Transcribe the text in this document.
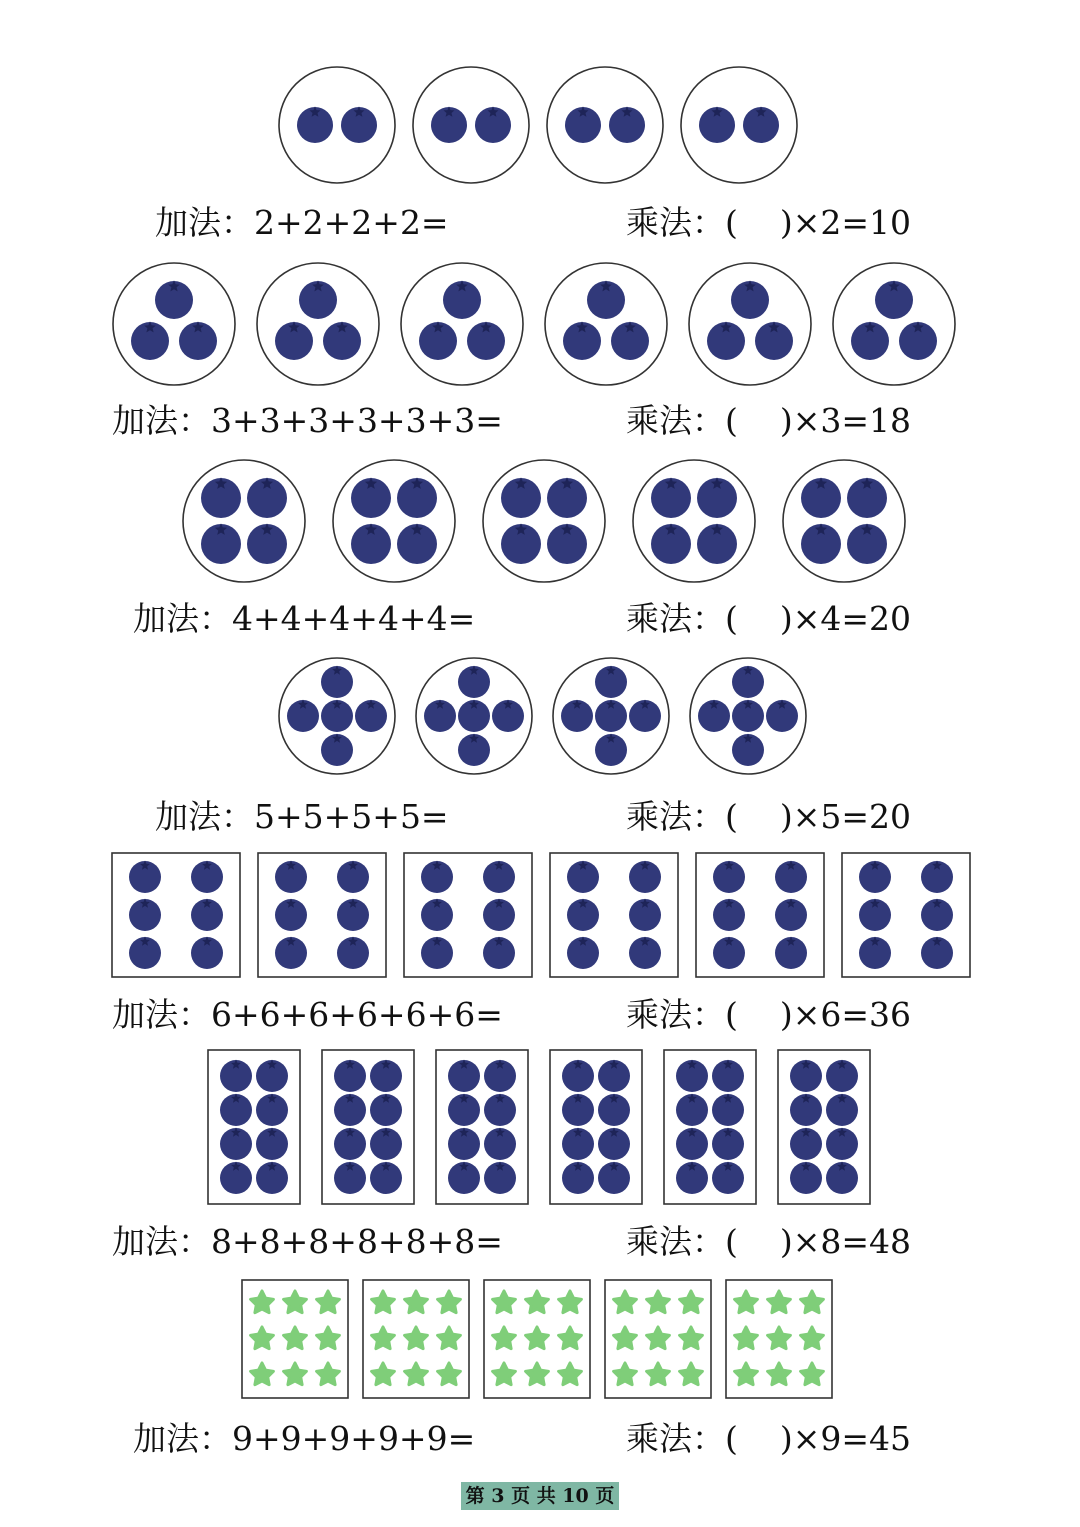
加法：2+2+2+2=	乘法：(    )×2=10
加法：3+3+3+3+3+3=	乘法：(    )×3=18
加法：4+4+4+4+4=	乘法：(    )×4=20
加法：5+5+5+5=	乘法：(    )×5=20
加法：6+6+6+6+6+6=	乘法：(    )×6=36
加法：8+8+8+8+8+8=	乘法：(    )×8=48
加法：9+9+9+9+9=	乘法：(    )×9=45
第 3 页 共 10 页
